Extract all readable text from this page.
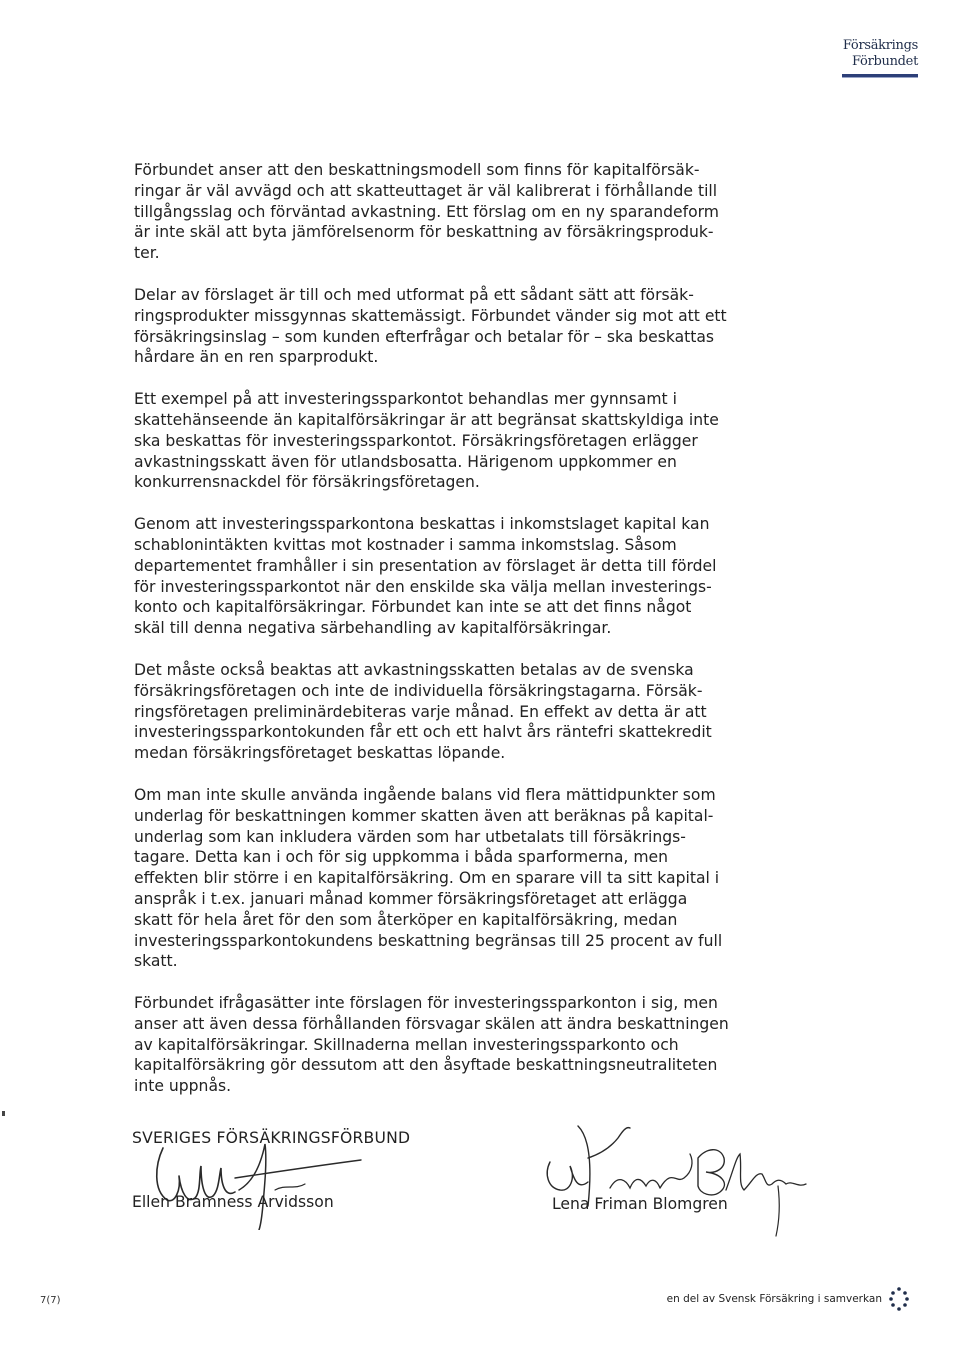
Försäkrings
Förbundet

Förbundet anser att den beskattningsmodell som finns för kapitalförsäk-
ringar är väl avvägd och att skatteuttaget är väl kalibrerat i förhållande till
tillgångsslag och förväntad avkastning. Ett förslag om en ny sparandeform
är inte skäl att byta jämförelsenorm för beskattning av försäkringsproduk-
ter.

Delar av förslaget är till och med utformat på ett sådant sätt att försäk-
ringsprodukter missgynnas skattemässigt. Förbundet vänder sig mot att ett
försäkringsinslag – som kunden efterfrågar och betalar för – ska beskattas
hårdare än en ren sparprodukt.

Ett exempel på att investeringssparkontot behandlas mer gynnsamt i
skattehänseende än kapitalförsäkringar är att begränsat skattskyldiga inte
ska beskattas för investeringssparkontot. Försäkringsföretagen erlägger
avkastningsskatt även för utlandsbosatta. Härigenom uppkommer en
konkurrensnackdel för försäkringsföretagen.

Genom att investeringssparkontona beskattas i inkomstslaget kapital kan
schablonintäkten kvittas mot kostnader i samma inkomstslag. Såsom
departementet framhåller i sin presentation av förslaget är detta till fördel
för investeringssparkontot när den enskilde ska välja mellan investerings-
konto och kapitalförsäkringar. Förbundet kan inte se att det finns något
skäl till denna negativa särbehandling av kapitalförsäkringar.

Det måste också beaktas att avkastningsskatten betalas av de svenska
försäkringsföretagen och inte de individuella försäkringstagarna. Försäk-
ringsföretagen preliminärdebiteras varje månad. En effekt av detta är att
investeringssparkontokunden får ett och ett halvt års räntefri skattekredit
medan försäkringsföretaget beskattas löpande.

Om man inte skulle använda ingående balans vid flera mättidpunkter som
underlag för beskattningen kommer skatten även att beräknas på kapital-
underlag som kan inkludera värden som har utbetalats till försäkrings-
tagare. Detta kan i och för sig uppkomma i båda sparformerna, men
effekten blir större i en kapitalförsäkring. Om en sparare vill ta sitt kapital i
anspråk i t.ex. januari månad kommer försäkringsföretaget att erlägga
skatt för hela året för den som återköper en kapitalförsäkring, medan
investeringssparkontokundens beskattning begränsas till 25 procent av full
skatt.

Förbundet ifrågasätter inte förslagen för investeringssparkonton i sig, men
anser att även dessa förhållanden försvagar skälen att ändra beskattningen
av kapitalförsäkringar. Skillnaderna mellan investeringssparkonto och
kapitalförsäkring gör dessutom att den åsyftade beskattningsneutraliteten
inte uppnås.

SVERIGES FÖRSÄKRINGSFÖRBUND
Ellen Bramness Arvidsson	Lena Friman Blomgren
7(7)	en del av Svensk Försäkring i samverkan
